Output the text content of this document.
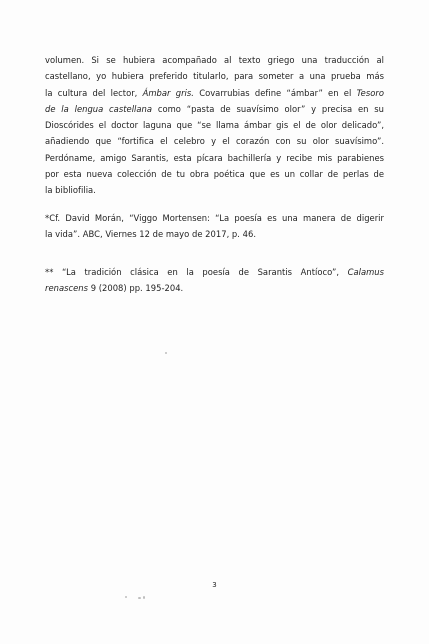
volumen. Si se hubiera acompañado al texto griego una traducción al
castellano, yo hubiera preferido titularlo, para someter a una prueba más
la cultura del lector, Ámbar gris. Covarrubias define “ámbar” en el Tesoro
de la lengua castellana como “pasta de suavísimo olor” y precisa en su
Dioscórides el doctor laguna que “se llama ámbar gis el de olor delicado”,
añadiendo que “fortifica el celebro y el corazón con su olor suavísimo”.
Perdóname, amigo Sarantis, esta pícara bachillería y recibe mis parabienes
por esta nueva colección de tu obra poética que es un collar de perlas de
la bibliofilia.
*Cf. David Morán, “Viggo Mortensen: “La poesía es una manera de digerir
la vida”. ABC, Viernes 12 de mayo de 2017, p. 46.
** “La tradición clásica en la poesía de Sarantis Antíoco”, Calamus
renascens 9 (2008) pp. 195-204.
3
